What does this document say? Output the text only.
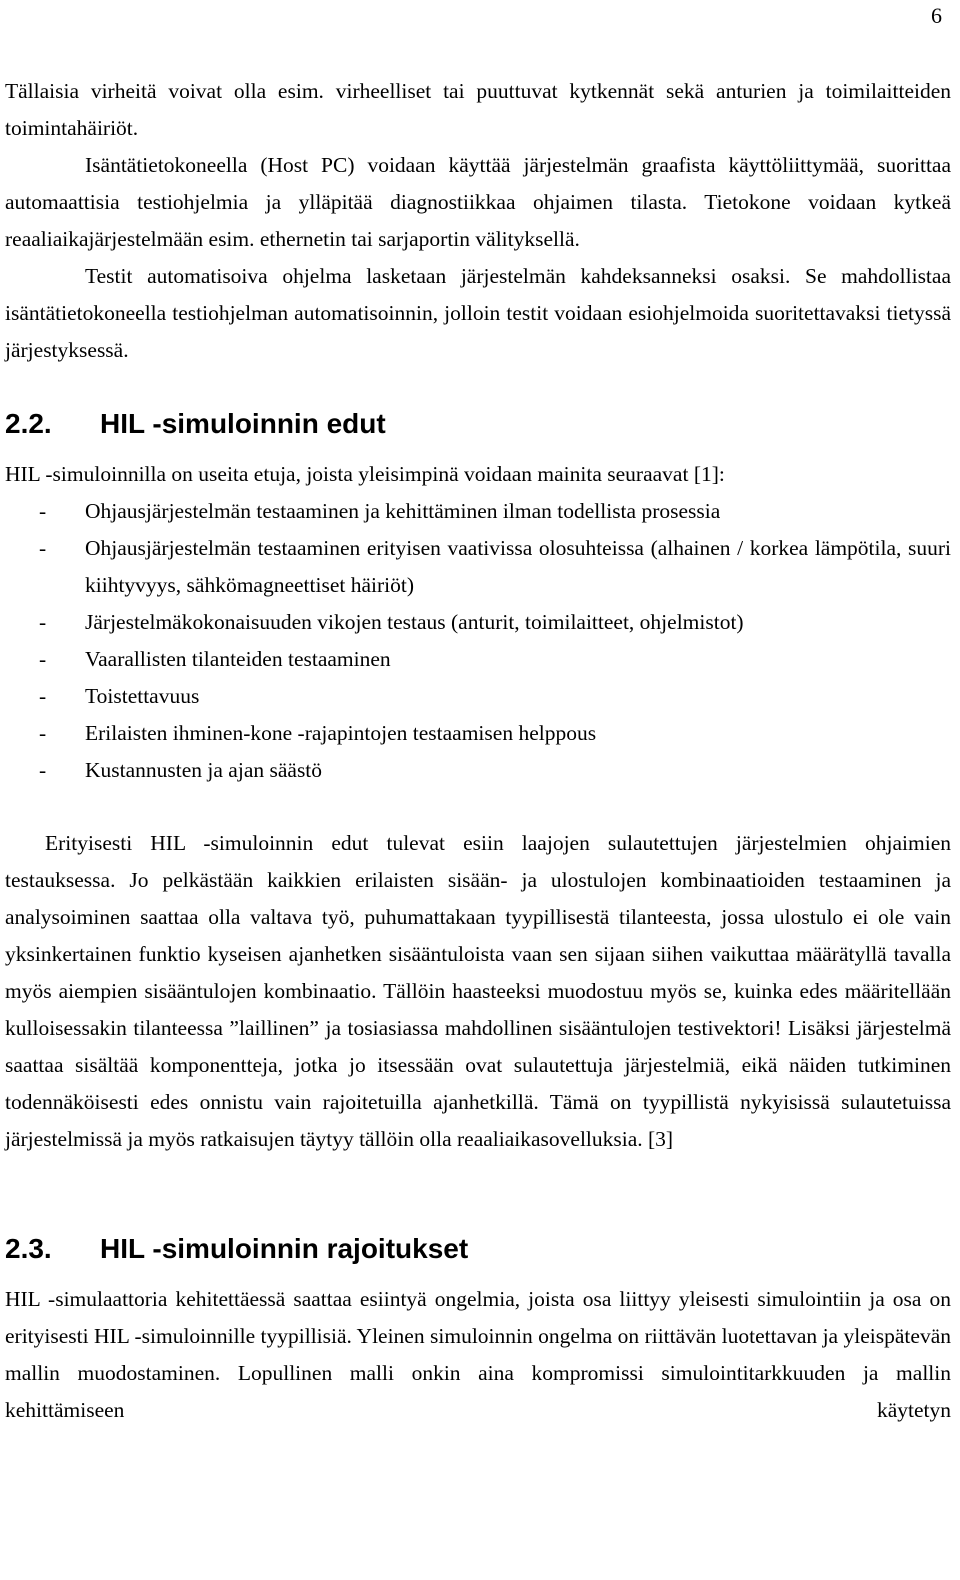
6

Tällaisia virheitä voivat olla esim. virheelliset tai puuttuvat kytkennät sekä anturien ja toimilaitteiden toimintahäiriöt.

Isäntätietokoneella (Host PC) voidaan käyttää järjestelmän graafista käyttöliittymää, suorittaa automaattisia testiohjelmia ja ylläpitää diagnostiikkaa ohjaimen tilasta. Tietokone voidaan kytkeä reaaliaikajärjestelmään esim. ethernetin tai sarjaportin välityksellä.

Testit automatisoiva ohjelma lasketaan järjestelmän kahdeksanneksi osaksi. Se mahdollistaa isäntätietokoneella testiohjelman automatisoinnin, jolloin testit voidaan esiohjelmoida suoritettavaksi tietyssä järjestyksessä.

2.2. HIL -simuloinnin edut

HIL -simuloinnilla on useita etuja, joista yleisimpinä voidaan mainita seuraavat [1]:

- Ohjausjärjestelmän testaaminen ja kehittäminen ilman todellista prosessia
- Ohjausjärjestelmän testaaminen erityisen vaativissa olosuhteissa (alhainen / korkea lämpötila, suuri kiihtyvyys, sähkömagneettiset häiriöt)
- Järjestelmäkokonaisuuden vikojen testaus (anturit, toimilaitteet, ohjelmistot)
- Vaarallisten tilanteiden testaaminen
- Toistettavuus
- Erilaisten ihminen-kone -rajapintojen testaamisen helppous
- Kustannusten ja ajan säästö

Erityisesti HIL -simuloinnin edut tulevat esiin laajojen sulautettujen järjestelmien ohjaimien testauksessa. Jo pelkästään kaikkien erilaisten sisään- ja ulostulojen kombinaatioiden testaaminen ja analysoiminen saattaa olla valtava työ, puhumattakaan tyypillisestä tilanteesta, jossa ulostulo ei ole vain yksinkertainen funktio kyseisen ajanhetken sisääntuloista vaan sen sijaan siihen vaikuttaa määrätyllä tavalla myös aiempien sisääntulojen kombinaatio. Tällöin haasteeksi muodostuu myös se, kuinka edes määritellään kulloisessakin tilanteessa ”laillinen” ja tosiasiassa mahdollinen sisääntulojen testivektori! Lisäksi järjestelmä saattaa sisältää komponentteja, jotka jo itsessään ovat sulautettuja järjestelmiä, eikä näiden tutkiminen todennäköisesti edes onnistu vain rajoitetuilla ajanhetkillä. Tämä on tyypillistä nykyisissä sulautetuissa järjestelmissä ja myös ratkaisujen täytyy tällöin olla reaaliaikasovelluksia. [3]

2.3. HIL -simuloinnin rajoitukset

HIL -simulaattoria kehitettäessä saattaa esiintyä ongelmia, joista osa liittyy yleisesti simulointiin ja osa on erityisesti HIL -simuloinnille tyypillisiä. Yleinen simuloinnin ongelma on riittävän luotettavan ja yleispätevän mallin muodostaminen. Lopullinen malli onkin aina kompromissi simulointitarkkuuden ja mallin kehittämiseen käytetyn
